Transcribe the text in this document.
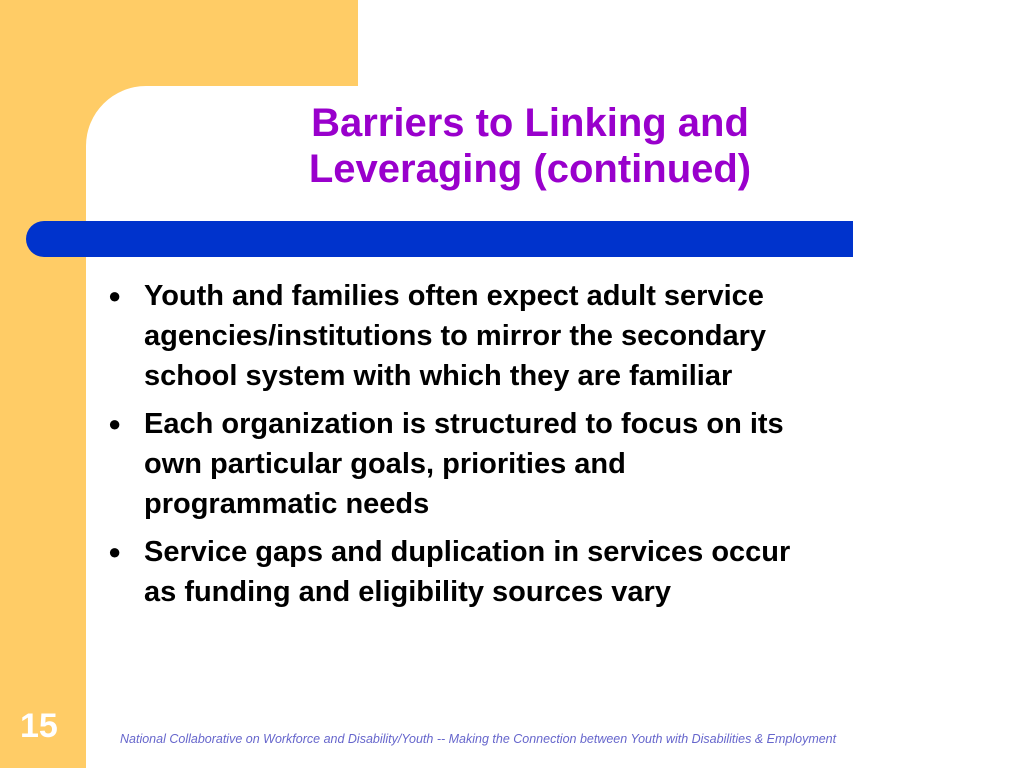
Barriers to Linking and
Leveraging (continued)
● Youth and families often expect adult service
agencies/institutions to mirror the secondary
school system with which they are familiar
● Each organization is structured to focus on its
own particular goals, priorities and
programmatic needs
● Service gaps and duplication in services occur
as funding and eligibility sources vary
15	National Collaborative on Workforce and Disability/Youth -- Making the Connection between Youth with Disabilities & Employment
